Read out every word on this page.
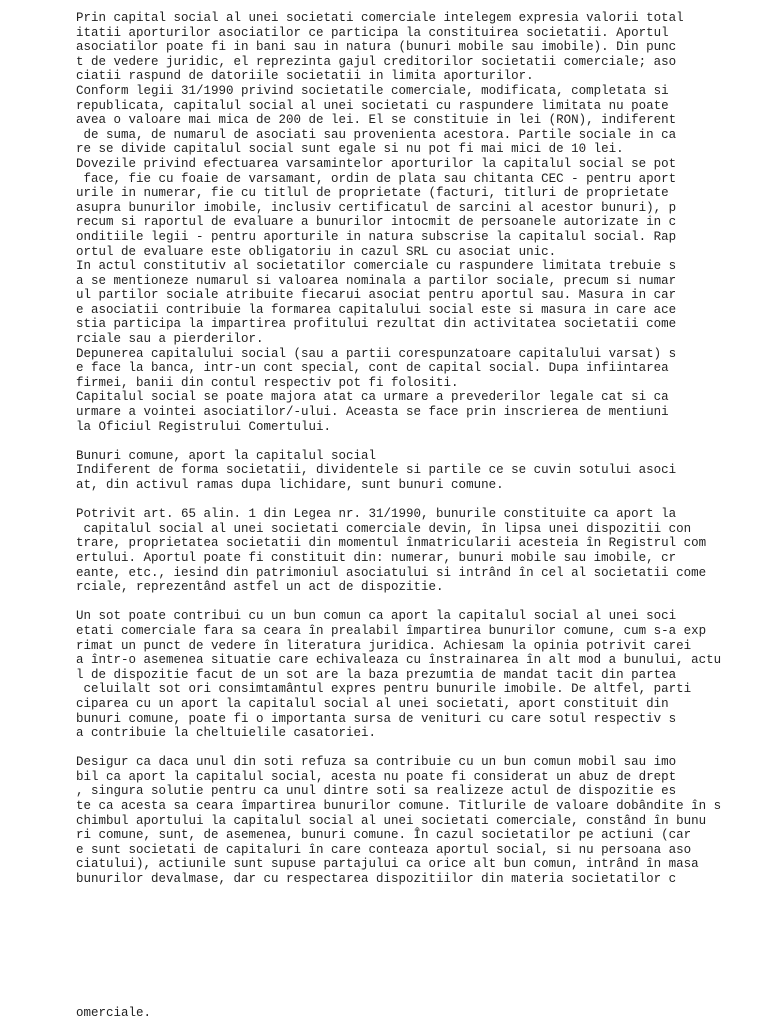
Prin capital social al unei societati comerciale intelegem expresia valorii total
itatii aporturilor asociatilor ce participa la constituirea societatii. Aportul
asociatilor poate fi in bani sau in natura (bunuri mobile sau imobile). Din punc
t de vedere juridic, el reprezinta gajul creditorilor societatii comerciale; aso
ciatii raspund de datoriile societatii in limita aporturilor.
Conform legii 31/1990 privind societatile comerciale, modificata, completata si
republicata, capitalul social al unei societati cu raspundere limitata nu poate
avea o valoare mai mica de 200 de lei. El se constituie in lei (RON), indiferent
de suma, de numarul de asociati sau provenienta acestora. Partile sociale in ca
re se divide capitalul social sunt egale si nu pot fi mai mici de 10 lei.
Dovezile privind efectuarea varsamintelor aporturilor la capitalul social se pot
face, fie cu foaie de varsamant, ordin de plata sau chitanta CEC - pentru aport
urile in numerar, fie cu titlul de proprietate (facturi, titluri de proprietate
asupra bunurilor imobile, inclusiv certificatul de sarcini al acestor bunuri), p
recum si raportul de evaluare a bunurilor intocmit de persoanele autorizate in c
onditiile legii - pentru aporturile in natura subscrise la capitalul social. Rap
ortul de evaluare este obligatoriu in cazul SRL cu asociat unic.
In actul constitutiv al societatilor comerciale cu raspundere limitata trebuie s
a se mentioneze numarul si valoarea nominala a partilor sociale, precum si numar
ul partilor sociale atribuite fiecarui asociat pentru aportul sau. Masura in car
e asociatii contribuie la formarea capitalului social este si masura in care ace
stia participa la impartirea profitului rezultat din activitatea societatii come
rciale sau a pierderilor.
Depunerea capitalului social (sau a partii corespunzatoare capitalului varsat) s
e face la banca, intr-un cont special, cont de capital social. Dupa infiintarea
firmei, banii din contul respectiv pot fi folositi.
Capitalul social se poate majora atat ca urmare a prevederilor legale cat si ca
urmare a vointei asociatilor/-ului. Aceasta se face prin inscrierea de mentiuni
la Oficiul Registrului Comertului.
Bunuri comune, aport la capitalul social
Indiferent de forma societatii, dividentele si partile ce se cuvin sotului asoci
at, din activul ramas dupa lichidare, sunt bunuri comune.
Potrivit art. 65 alin. 1 din Legea nr. 31/1990, bunurile constituite ca aport la
capitalul social al unei societati comerciale devin, în lipsa unei dispozitii con
trare, proprietatea societatii din momentul înmatricularii acesteia în Registrul com
ertului. Aportul poate fi constituit din: numerar, bunuri mobile sau imobile, cr
eante, etc., iesind din patrimoniul asociatului si intrând în cel al societatii come
rciale, reprezentând astfel un act de dispozitie.
Un sot poate contribui cu un bun comun ca aport la capitalul social al unei soci
etati comerciale fara sa ceara în prealabil împartirea bunurilor comune, cum s-a exp
rimat un punct de vedere în literatura juridica. Achiesam la opinia potrivit carei
a într-o asemenea situatie care echivaleaza cu înstrainarea în alt mod a bunului, actu
l de dispozitie facut de un sot are la baza prezumtia de mandat tacit din partea
celuilalt sot ori consimtamântul expres pentru bunurile imobile. De altfel, parti
ciparea cu un aport la capitalul social al unei societati, aport constituit din
bunuri comune, poate fi o importanta sursa de venituri cu care sotul respectiv s
a contribuie la cheltuielile casatoriei.
Desigur ca daca unul din soti refuza sa contribuie cu un bun comun mobil sau imo
bil ca aport la capitalul social, acesta nu poate fi considerat un abuz de drept
, singura solutie pentru ca unul dintre soti sa realizeze actul de dispozitie es
te ca acesta sa ceara împartirea bunurilor comune. Titlurile de valoare dobândite în s
chimbul aportului la capitalul social al unei societati comerciale, constând în bunu
ri comune, sunt, de asemenea, bunuri comune. În cazul societatilor pe actiuni (car
e sunt societati de capitaluri în care conteaza aportul social, si nu persoana aso
ciatului), actiunile sunt supuse partajului ca orice alt bun comun, intrând în masa
bunurilor devalmase, dar cu respectarea dispozitiilor din materia societatilor c
omerciale.
